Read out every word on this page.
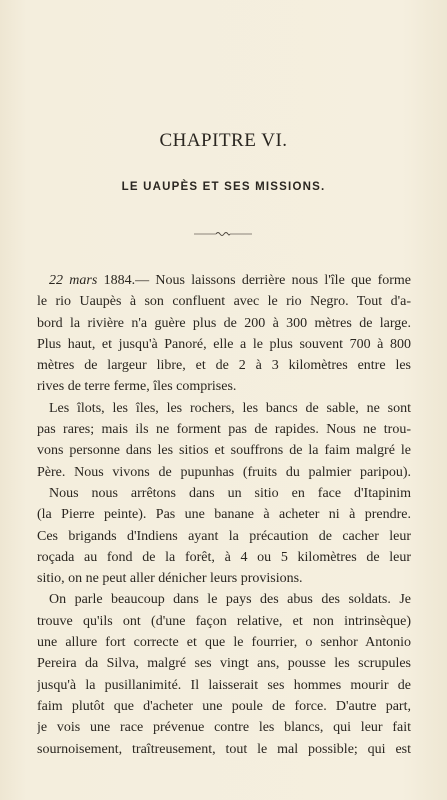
CHAPITRE VI.
LE UAUPÈS ET SES MISSIONS.
22 mars 1884.— Nous laissons derrière nous l'île que forme
le rio Uaupès à son confluent avec le rio Negro. Tout d'a-
bord la rivière n'a guère plus de 200 à 300 mètres de large.
Plus haut, et jusqu'à Panoré, elle a le plus souvent 700 à 800
mètres de largeur libre, et de 2 à 3 kilomètres entre les
rives de terre ferme, îles comprises.
Les îlots, les îles, les rochers, les bancs de sable, ne sont
pas rares; mais ils ne forment pas de rapides. Nous ne trou-
vons personne dans les sitios et souffrons de la faim malgré le
Père. Nous vivons de pupunhas (fruits du palmier paripou).
Nous nous arrêtons dans un sitio en face d'Itapinim
(la Pierre peinte). Pas une banane à acheter ni à prendre.
Ces brigands d'Indiens ayant la précaution de cacher leur
roçada au fond de la forêt, à 4 ou 5 kilomètres de leur
sitio, on ne peut aller dénicher leurs provisions.
On parle beaucoup dans le pays des abus des soldats. Je
trouve qu'ils ont (d'une façon relative, et non intrinsèque)
une allure fort correcte et que le fourrier, o senhor Antonio
Pereira da Silva, malgré ses vingt ans, pousse les scrupules
jusqu'à la pusillanimité. Il laisserait ses hommes mourir de
faim plutôt que d'acheter une poule de force. D'autre part,
je vois une race prévenue contre les blancs, qui leur fait
sournoisement, traîtreusement, tout le mal possible; qui est
